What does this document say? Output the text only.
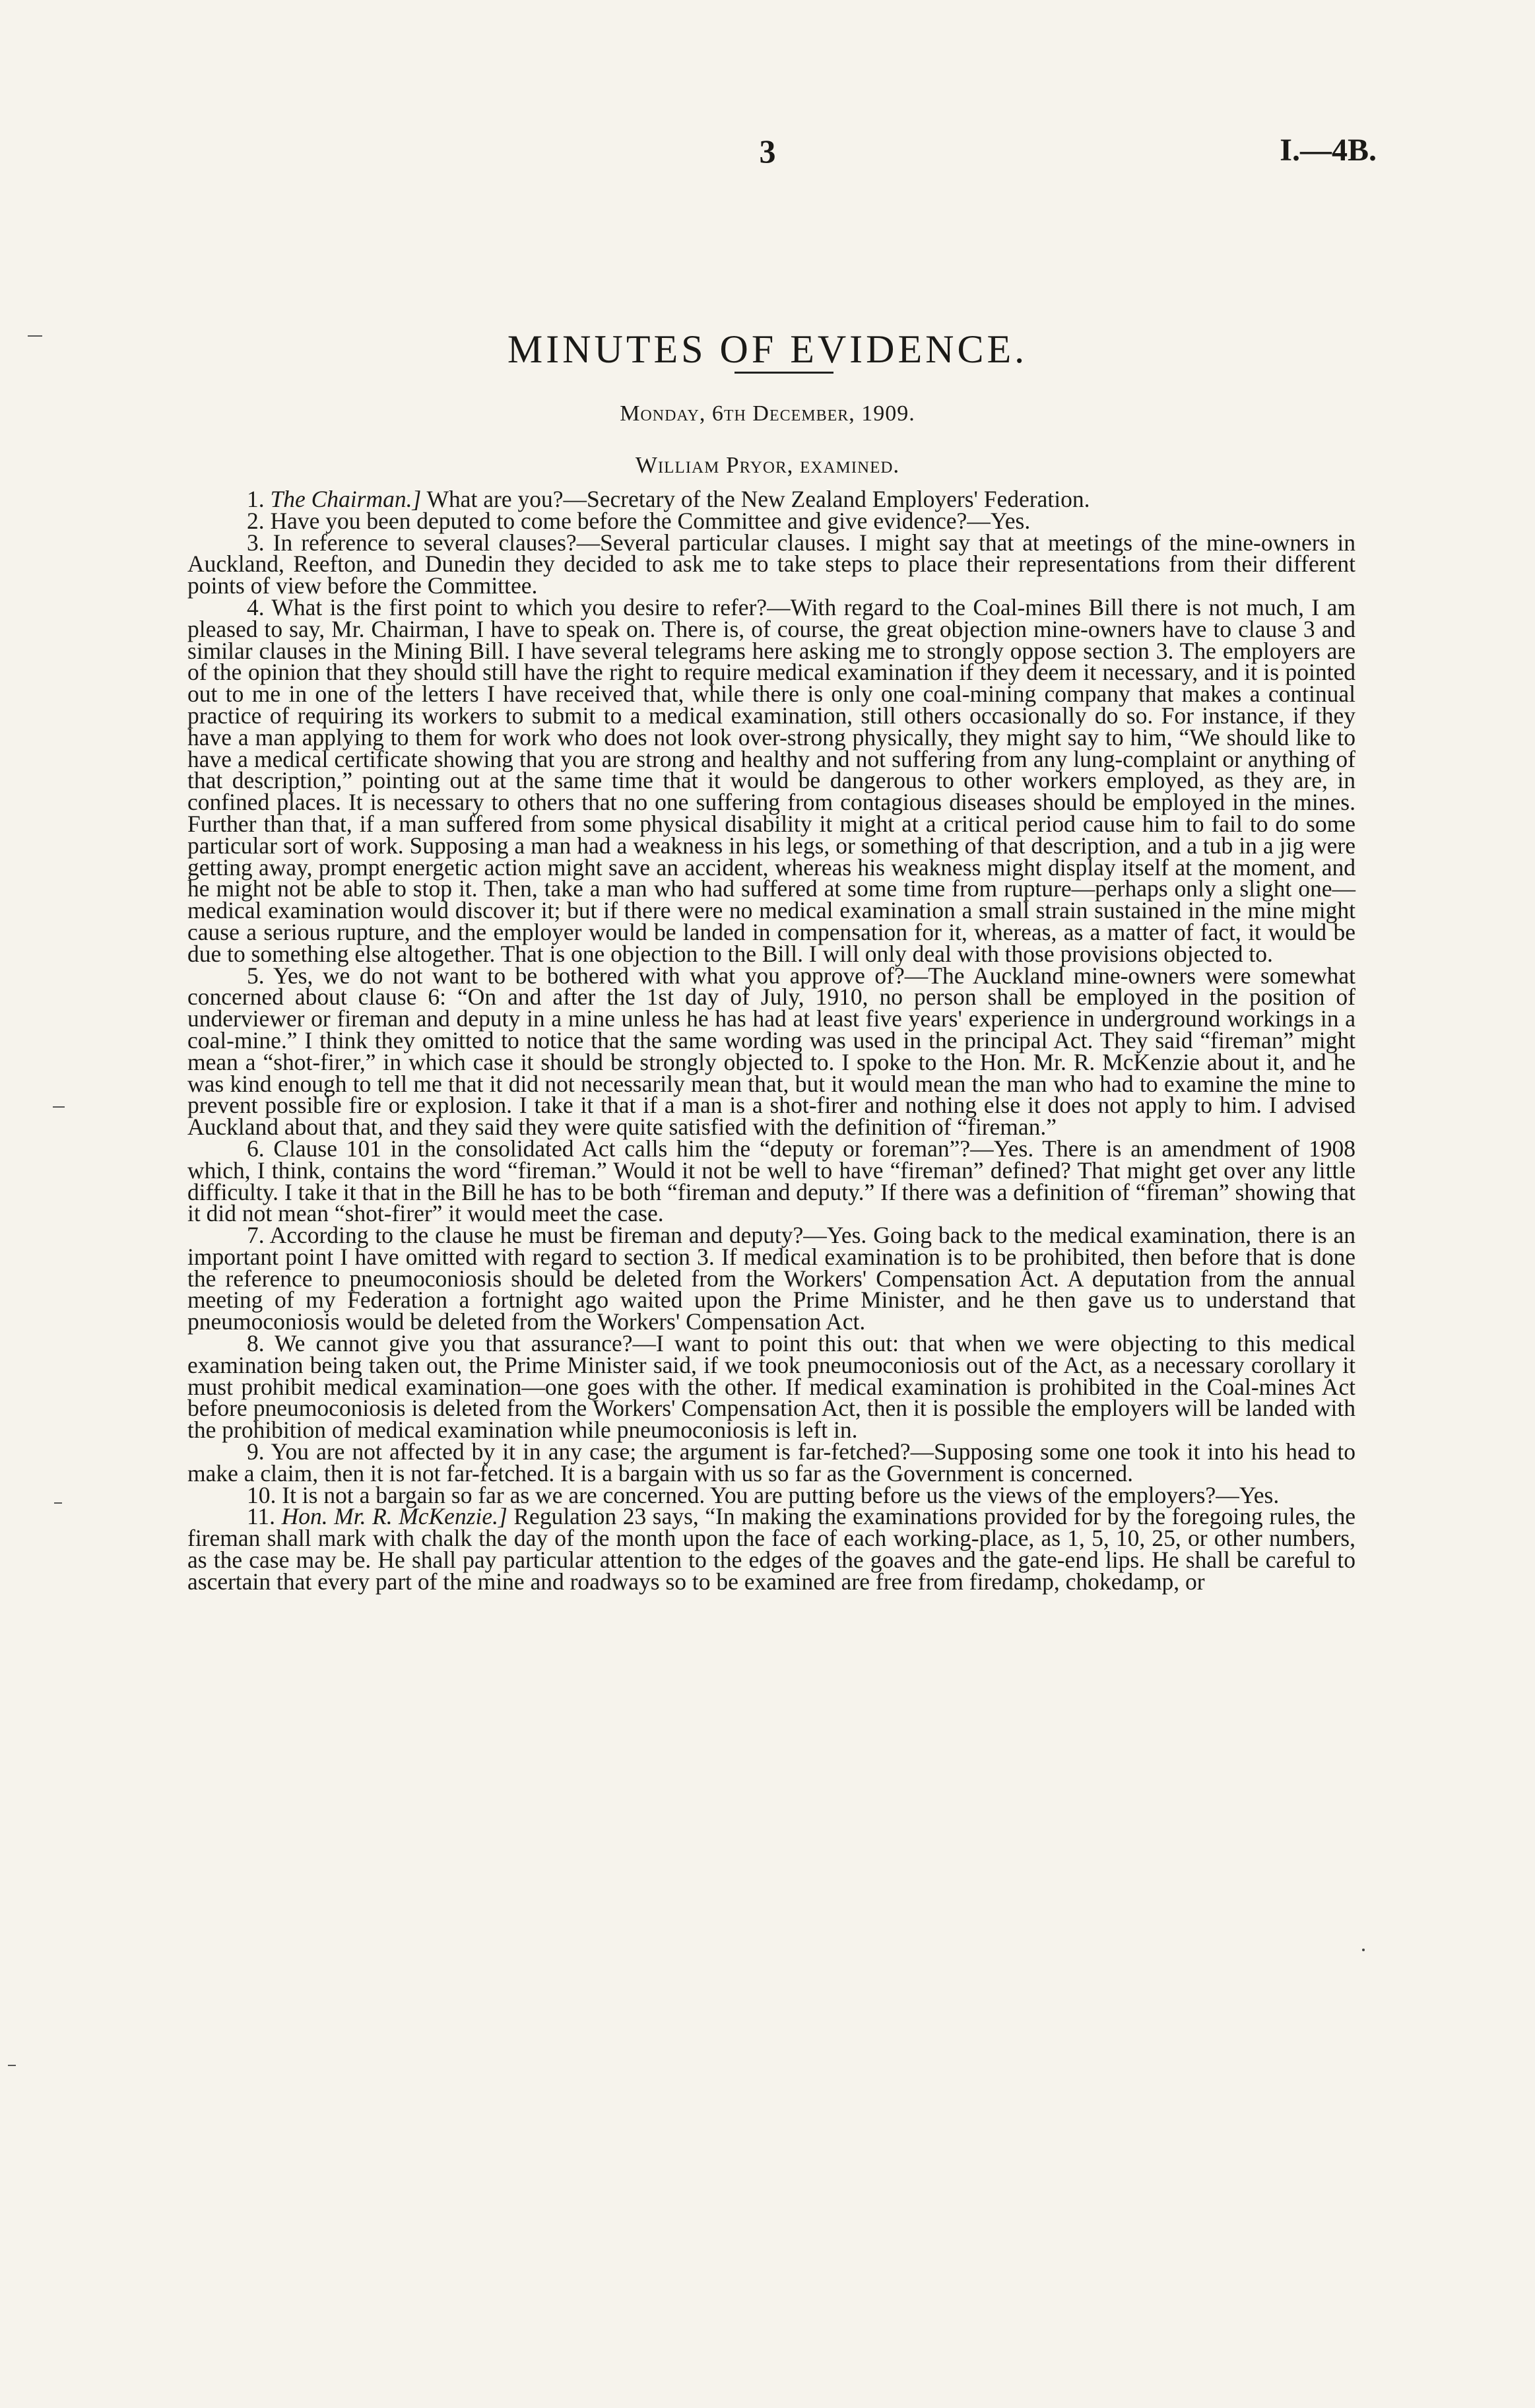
3	I.—4B.
MINUTES OF EVIDENCE.
Monday, 6th December, 1909.
William Pryor, examined.

1. The Chairman.] What are you?—Secretary of the New Zealand Employers' Federation.

2. Have you been deputed to come before the Committee and give evidence?—Yes.

3. In reference to several clauses?—Several particular clauses. I might say that at meetings of the mine-owners in Auckland, Reefton, and Dunedin they decided to ask me to take steps to place their representations from their different points of view before the Committee.

4. What is the first point to which you desire to refer?—With regard to the Coal-mines Bill there is not much, I am pleased to say, Mr. Chairman, I have to speak on. There is, of course, the great objection mine-owners have to clause 3 and similar clauses in the Mining Bill. I have several telegrams here asking me to strongly oppose section 3. The employers are of the opinion that they should still have the right to require medical examination if they deem it necessary, and it is pointed out to me in one of the letters I have received that, while there is only one coal-mining company that makes a continual practice of requiring its workers to submit to a medical examination, still others occasionally do so. For instance, if they have a man applying to them for work who does not look over-strong physically, they might say to him, “We should like to have a medical certificate showing that you are strong and healthy and not suffering from any lung-complaint or anything of that description,” pointing out at the same time that it would be dangerous to other workers employed, as they are, in confined places. It is necessary to others that no one suffering from contagious diseases should be employed in the mines. Further than that, if a man suffered from some physical disability it might at a critical period cause him to fail to do some particular sort of work. Supposing a man had a weakness in his legs, or something of that description, and a tub in a jig were getting away, prompt energetic action might save an accident, whereas his weakness might display itself at the moment, and he might not be able to stop it. Then, take a man who had suffered at some time from rupture—perhaps only a slight one—medical examination would discover it; but if there were no medical examination a small strain sustained in the mine might cause a serious rupture, and the employer would be landed in compensation for it, whereas, as a matter of fact, it would be due to something else altogether. That is one objection to the Bill. I will only deal with those provisions objected to.

5. Yes, we do not want to be bothered with what you approve of?—The Auckland mine-owners were somewhat concerned about clause 6: “On and after the 1st day of July, 1910, no person shall be employed in the position of underviewer or fireman and deputy in a mine unless he has had at least five years' experience in underground workings in a coal-mine.” I think they omitted to notice that the same wording was used in the principal Act. They said “fireman” might mean a “shot-firer,” in which case it should be strongly objected to. I spoke to the Hon. Mr. R. McKenzie about it, and he was kind enough to tell me that it did not necessarily mean that, but it would mean the man who had to examine the mine to prevent possible fire or explosion. I take it that if a man is a shot-firer and nothing else it does not apply to him. I advised Auckland about that, and they said they were quite satisfied with the definition of “fireman.”

6. Clause 101 in the consolidated Act calls him the “deputy or foreman”?—Yes. There is an amendment of 1908 which, I think, contains the word “fireman.” Would it not be well to have “fireman” defined? That might get over any little difficulty. I take it that in the Bill he has to be both “fireman and deputy.” If there was a definition of “fireman” showing that it did not mean “shot-firer” it would meet the case.

7. According to the clause he must be fireman and deputy?—Yes. Going back to the medical examination, there is an important point I have omitted with regard to section 3. If medical examination is to be prohibited, then before that is done the reference to pneumoconiosis should be deleted from the Workers' Compensation Act. A deputation from the annual meeting of my Federation a fortnight ago waited upon the Prime Minister, and he then gave us to understand that pneumoconiosis would be deleted from the Workers' Compensation Act.

8. We cannot give you that assurance?—I want to point this out: that when we were objecting to this medical examination being taken out, the Prime Minister said, if we took pneumoconiosis out of the Act, as a necessary corollary it must prohibit medical examination—one goes with the other. If medical examination is prohibited in the Coal-mines Act before pneumoconiosis is deleted from the Workers' Compensation Act, then it is possible the employers will be landed with the prohibition of medical examination while pneumoconiosis is left in.

9. You are not affected by it in any case; the argument is far-fetched?—Supposing some one took it into his head to make a claim, then it is not far-fetched. It is a bargain with us so far as the Government is concerned.

10. It is not a bargain so far as we are concerned. You are putting before us the views of the employers?—Yes.

11. Hon. Mr. R. McKenzie.] Regulation 23 says, “In making the examinations provided for by the foregoing rules, the fireman shall mark with chalk the day of the month upon the face of each working-place, as 1, 5, 10, 25, or other numbers, as the case may be. He shall pay particular attention to the edges of the goaves and the gate-end lips. He shall be careful to ascertain that every part of the mine and roadways so to be examined are free from firedamp, chokedamp, or
